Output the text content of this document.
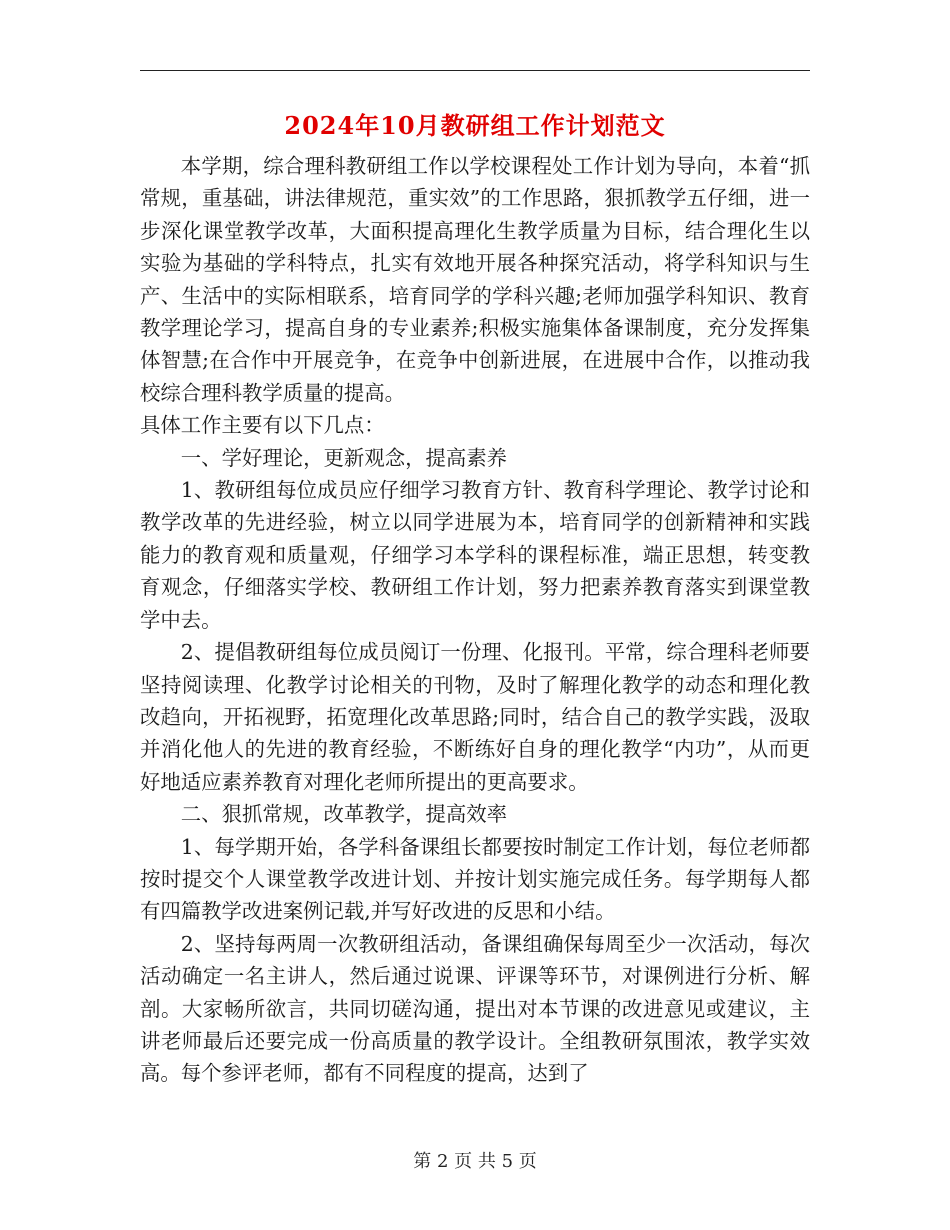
2024年10月教研组工作计划范文

本学期，综合理科教研组工作以学校课程处工作计划为导向，本着“抓常规，重基础，讲法律规范，重实效”的工作思路，狠抓教学五仔细，进一步深化课堂教学改革，大面积提高理化生教学质量为目标，结合理化生以实验为基础的学科特点，扎实有效地开展各种探究活动，将学科知识与生产、生活中的实际相联系，培育同学的学科兴趣;老师加强学科知识、教育教学理论学习，提高自身的专业素养;积极实施集体备课制度，充分发挥集体智慧;在合作中开展竞争，在竞争中创新进展，在进展中合作，以推动我校综合理科教学质量的提高。

具体工作主要有以下几点：

一、学好理论，更新观念，提高素养

1、教研组每位成员应仔细学习教育方针、教育科学理论、教学讨论和教学改革的先进经验，树立以同学进展为本，培育同学的创新精神和实践能力的教育观和质量观，仔细学习本学科的课程标准，端正思想，转变教育观念，仔细落实学校、教研组工作计划，努力把素养教育落实到课堂教学中去。

2、提倡教研组每位成员阅订一份理、化报刊。平常，综合理科老师要坚持阅读理、化教学讨论相关的刊物，及时了解理化教学的动态和理化教改趋向，开拓视野，拓宽理化改革思路;同时，结合自己的教学实践，汲取并消化他人的先进的教育经验，不断练好自身的理化教学“内功”，从而更好地适应素养教育对理化老师所提出的更高要求。

二、狠抓常规，改革教学，提高效率

1、每学期开始，各学科备课组长都要按时制定工作计划，每位老师都按时提交个人课堂教学改进计划、并按计划实施完成任务。每学期每人都有四篇教学改进案例记载,并写好改进的反思和小结。

2、坚持每两周一次教研组活动，备课组确保每周至少一次活动，每次活动确定一名主讲人，然后通过说课、评课等环节，对课例进行分析、解剖。大家畅所欲言，共同切磋沟通，提出对本节课的改进意见或建议，主讲老师最后还要完成一份高质量的教学设计。全组教研氛围浓，教学实效高。每个参评老师，都有不同程度的提高，达到了

第 2 页 共 5 页
